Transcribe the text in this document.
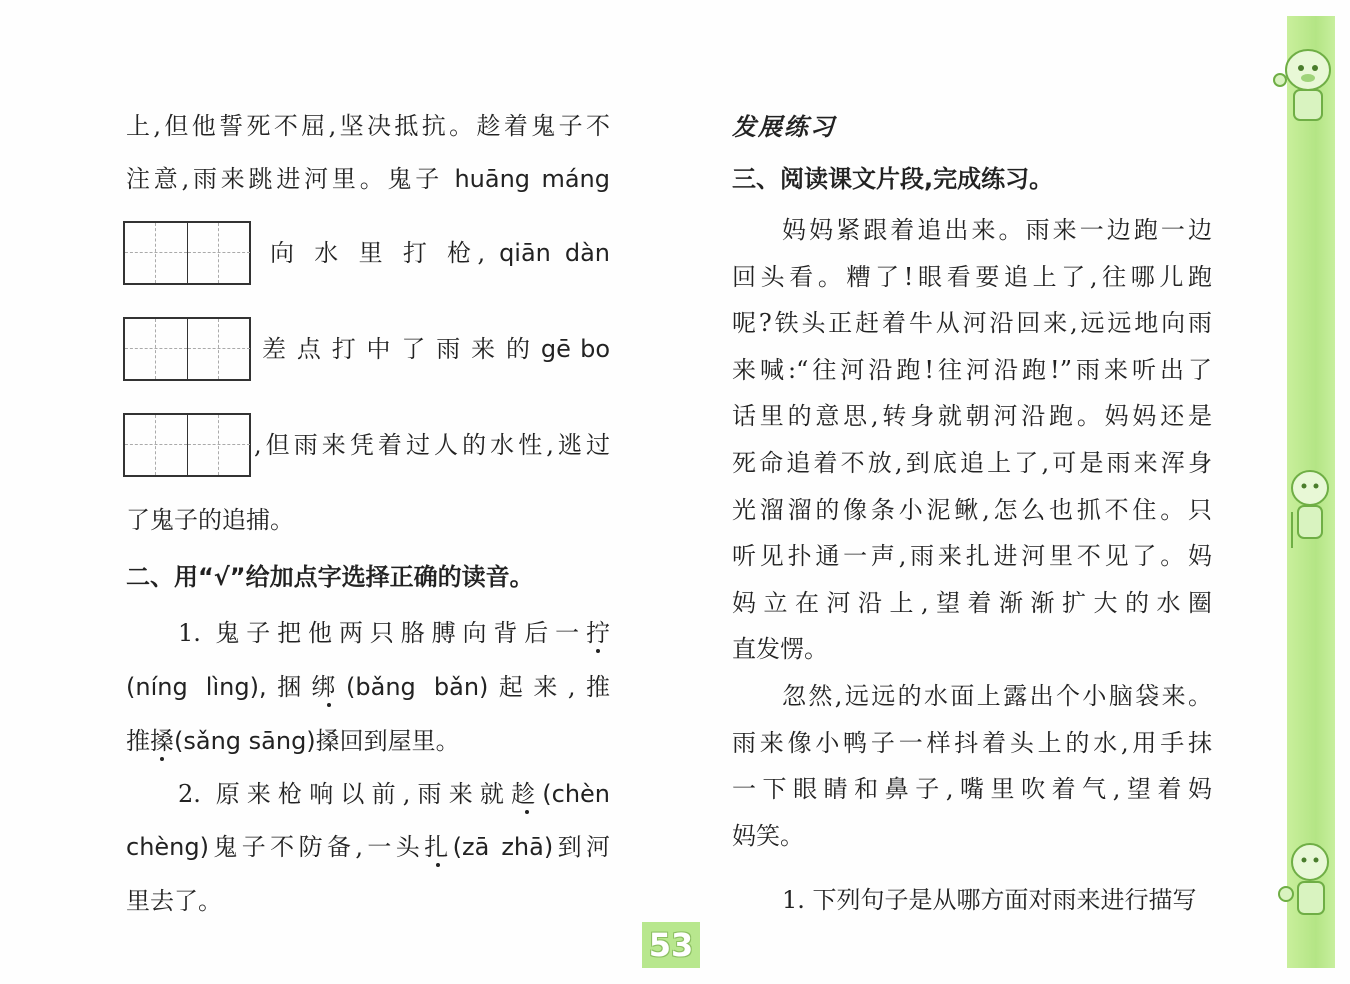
上,但他誓死不屈,坚决抵抗。趁着鬼子不
注意,雨来跳进河里。鬼子 huāng máng
向 水 里 打 枪, qiān dàn
差 点 打 中 了 雨 来 的 gē bo
,但雨来凭着过人的水性,逃过
了鬼子的追捕。
二、用“√”给加点字选择正确的读音。
1. 鬼子把他两只胳膊向背后一拧
(níng lìng),捆绑(bǎng bǎn)起来,推
推搡(sǎng sāng)搡回到屋里。
2. 原来枪响以前,雨来就趁(chèn
chèng)鬼子不防备,一头扎(zā zhā)到河
里去了。
发展练习
三、阅读课文片段,完成练习。
妈妈紧跟着追出来。雨来一边跑一边
回头看。糟了!眼看要追上了,往哪儿跑
呢?铁头正赶着牛从河沿回来,远远地向雨
来喊:“往河沿跑!往河沿跑!”雨来听出了
话里的意思,转身就朝河沿跑。妈妈还是
死命追着不放,到底追上了,可是雨来浑身
光溜溜的像条小泥鳅,怎么也抓不住。只
听见扑通一声,雨来扎进河里不见了。妈
妈立在河沿上,望着渐渐扩大的水圈
直发愣。
忽然,远远的水面上露出个小脑袋来。
雨来像小鸭子一样抖着头上的水,用手抹
一下眼睛和鼻子,嘴里吹着气,望着妈
妈笑。
1. 下列句子是从哪方面对雨来进行描写
53
